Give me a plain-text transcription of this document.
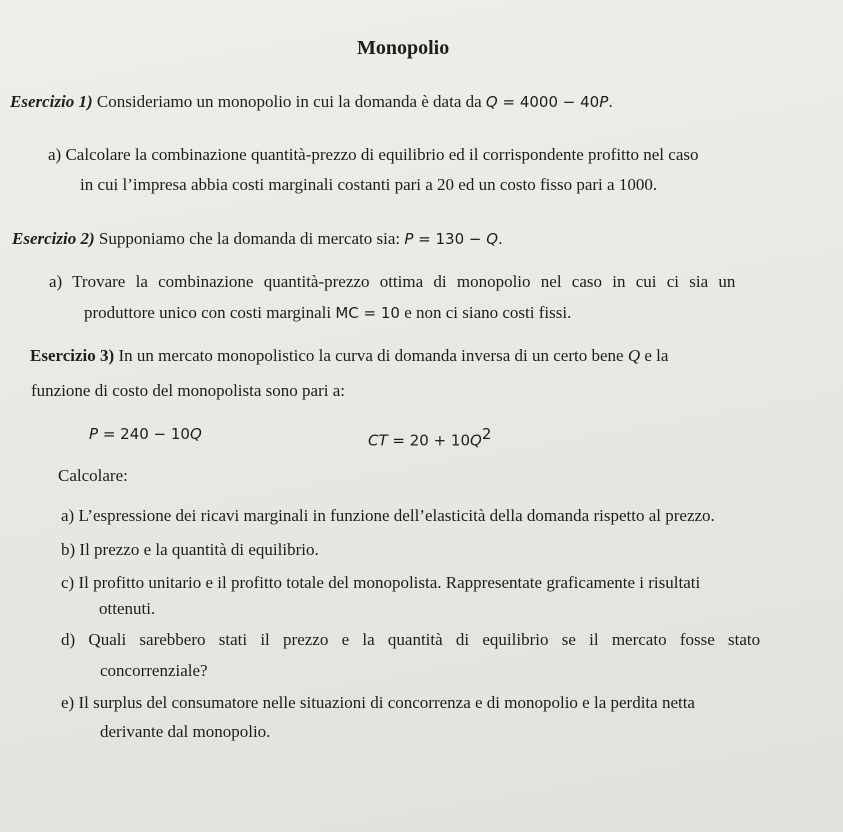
Monopolio
Esercizio 1) Consideriamo un monopolio in cui la domanda è data da Q = 4000 − 40P.
a) Calcolare la combinazione quantità-prezzo di equilibrio ed il corrispondente profitto nel caso
in cui l’impresa abbia costi marginali costanti pari a 20 ed un costo fisso pari a 1000.
Esercizio 2) Supponiamo che la domanda di mercato sia: P = 130 − Q.
a) Trovare la combinazione quantità-prezzo ottima di monopolio nel caso in cui ci sia un
produttore unico con costi marginali MC = 10 e non ci siano costi fissi.
Esercizio 3) In un mercato monopolistico la curva di domanda inversa di un certo bene Q e la
funzione di costo del monopolista sono pari a:
P = 240 − 10Q	CT = $20 + 10Q^2$
Calcolare:
a) L’espressione dei ricavi marginali in funzione dell’elasticità della domanda rispetto al prezzo.
b) Il prezzo e la quantità di equilibrio.
c) Il profitto unitario e il profitto totale del monopolista. Rappresentate graficamente i risultati
ottenuti.
d) Quali sarebbero stati il prezzo e la quantità di equilibrio se il mercato fosse stato
concorrenziale?
e) Il surplus del consumatore nelle situazioni di concorrenza e di monopolio e la perdita netta
derivante dal monopolio.
